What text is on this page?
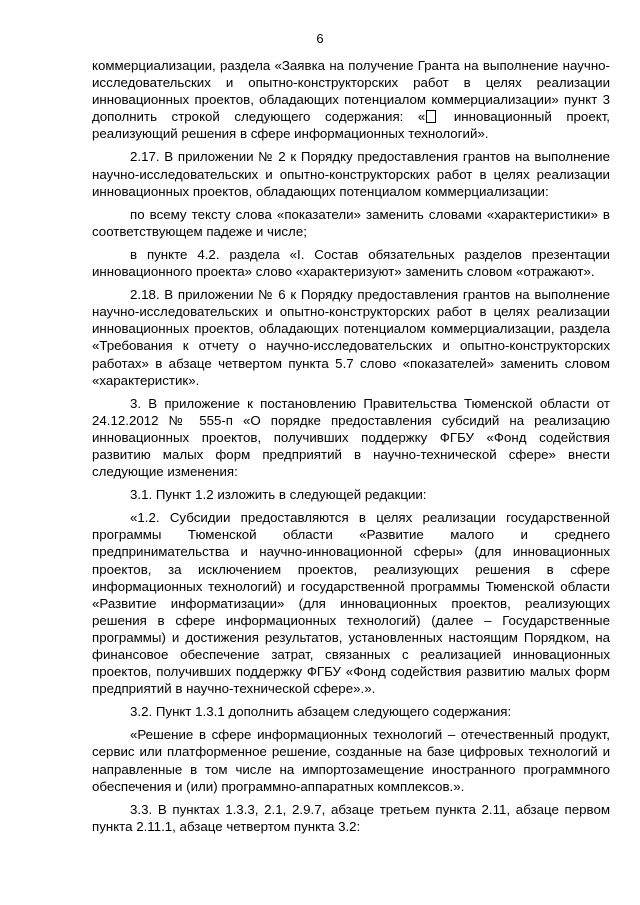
6
коммерциализации, раздела «Заявка на получение Гранта на выполнение научно-исследовательских и опытно-конструкторских работ в целях реализации инновационных проектов, обладающих потенциалом коммерциализации» пункт 3 дополнить строкой следующего содержания: « инновационный проект, реализующий решения в сфере информационных технологий».
2.17. В приложении № 2 к Порядку предоставления грантов на выполнение научно-исследовательских и опытно-конструкторских работ в целях реализации инновационных проектов, обладающих потенциалом коммерциализации:
по всему тексту слова «показатели» заменить словами «характеристики» в соответствующем падеже и числе;
в пункте 4.2. раздела «I. Состав обязательных разделов презентации инновационного проекта» слово «характеризуют» заменить словом «отражают».
2.18. В приложении № 6 к Порядку предоставления грантов на выполнение научно-исследовательских и опытно-конструкторских работ в целях реализации инновационных проектов, обладающих потенциалом коммерциализации, раздела «Требования к отчету о научно-исследовательских и опытно-конструкторских работах» в абзаце четвертом пункта 5.7 слово «показателей» заменить словом «характеристик».
3. В приложение к постановлению Правительства Тюменской области от 24.12.2012 № 555-п «О порядке предоставления субсидий на реализацию инновационных проектов, получивших поддержку ФГБУ «Фонд содействия развитию малых форм предприятий в научно-технической сфере» внести следующие изменения:
3.1. Пункт 1.2 изложить в следующей редакции:
«1.2. Субсидии предоставляются в целях реализации государственной программы Тюменской области «Развитие малого и среднего предпринимательства и научно-инновационной сферы» (для инновационных проектов, за исключением проектов, реализующих решения в сфере информационных технологий) и государственной программы Тюменской области «Развитие информатизации» (для инновационных проектов, реализующих решения в сфере информационных технологий) (далее – Государственные программы) и достижения результатов, установленных настоящим Порядком, на финансовое обеспечение затрат, связанных с реализацией инновационных проектов, получивших поддержку ФГБУ «Фонд содействия развитию малых форм предприятий в научно-технической сфере».».
3.2. Пункт 1.3.1 дополнить абзацем следующего содержания:
«Решение в сфере информационных технологий – отечественный продукт, сервис или платформенное решение, созданные на базе цифровых технологий и направленные в том числе на импортозамещение иностранного программного обеспечения и (или) программно-аппаратных комплексов.».
3.3. В пунктах 1.3.3, 2.1, 2.9.7, абзаце третьем пункта 2.11, абзаце первом пункта 2.11.1, абзаце четвертом пункта 3.2:
